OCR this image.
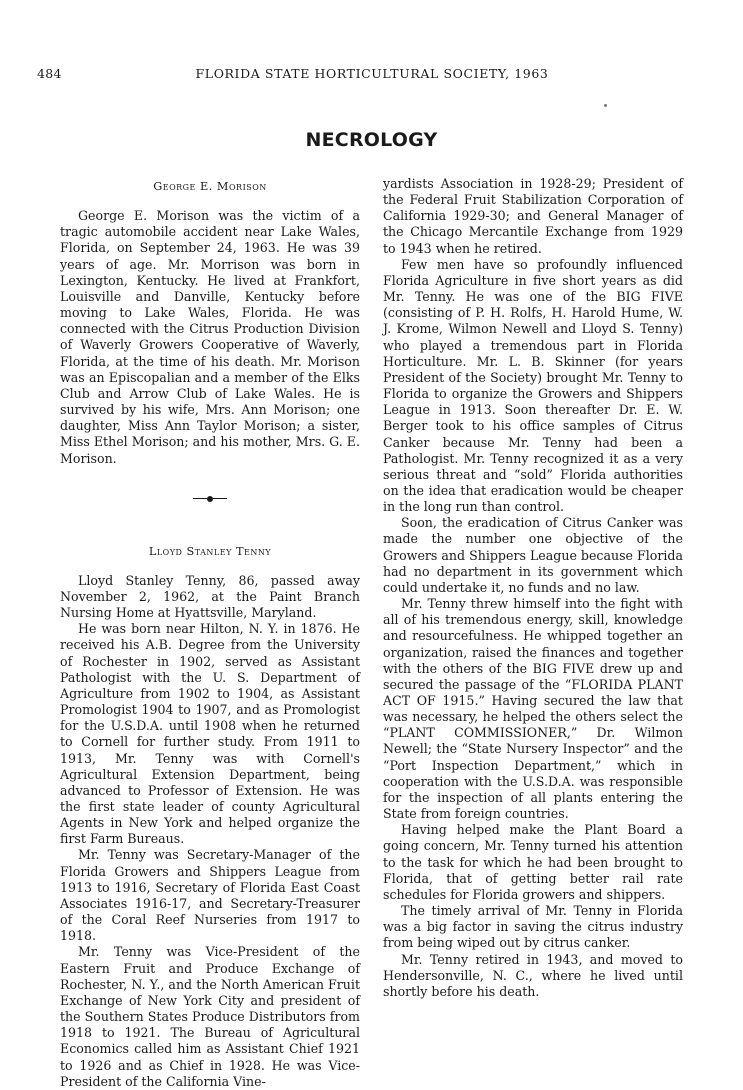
484	FLORIDA STATE HORTICULTURAL SOCIETY, 1963
NECROLOGY
George E. Morison

George E. Morison was the victim of a tragic automobile accident near Lake Wales, Florida, on September 24, 1963. He was 39 years of age. Mr. Morrison was born in Lexington, Kentucky. He lived at Frankfort, Louisville and Danville, Kentucky before moving to Lake Wales, Florida. He was connected with the Citrus Production Division of Waverly Growers Cooperative of Waverly, Florida, at the time of his death. Mr. Morison was an Episcopalian and a member of the Elks Club and Arrow Club of Lake Wales. He is survived by his wife, Mrs. Ann Morison; one daughter, Miss Ann Taylor Morison; a sister, Miss Ethel Morison; and his mother, Mrs. G. E. Morison.

Lloyd Stanley Tenny

Lloyd Stanley Tenny, 86, passed away November 2, 1962, at the Paint Branch Nursing Home at Hyattsville, Maryland.

He was born near Hilton, N. Y. in 1876. He received his A.B. Degree from the University of Rochester in 1902, served as Assistant Pathologist with the U. S. Department of Agriculture from 1902 to 1904, as Assistant Promologist 1904 to 1907, and as Promologist for the U.S.D.A. until 1908 when he returned to Cornell for further study. From 1911 to 1913, Mr. Tenny was with Cornell's Agricultural Extension Department, being advanced to Professor of Extension. He was the first state leader of county Agricultural Agents in New York and helped organize the first Farm Bureaus.

Mr. Tenny was Secretary-Manager of the Florida Growers and Shippers League from 1913 to 1916, Secretary of Florida East Coast Associates 1916-17, and Secretary-Treasurer of the Coral Reef Nurseries from 1917 to 1918.

Mr. Tenny was Vice-President of the Eastern Fruit and Produce Exchange of Rochester, N. Y., and the North American Fruit Exchange of New York City and president of the Southern States Produce Distributors from 1918 to 1921. The Bureau of Agricultural Economics called him as Assistant Chief 1921 to 1926 and as Chief in 1928. He was Vice-President of the California Vine-

yardists Association in 1928-29; President of the Federal Fruit Stabilization Corporation of California 1929-30; and General Manager of the Chicago Mercantile Exchange from 1929 to 1943 when he retired.

Few men have so profoundly influenced Florida Agriculture in five short years as did Mr. Tenny. He was one of the BIG FIVE (consisting of P. H. Rolfs, H. Harold Hume, W. J. Krome, Wilmon Newell and Lloyd S. Tenny) who played a tremendous part in Florida Horticulture. Mr. L. B. Skinner (for years President of the Society) brought Mr. Tenny to Florida to organize the Growers and Shippers League in 1913. Soon thereafter Dr. E. W. Berger took to his office samples of Citrus Canker because Mr. Tenny had been a Pathologist. Mr. Tenny recognized it as a very serious threat and “sold” Florida authorities on the idea that eradication would be cheaper in the long run than control.

Soon, the eradication of Citrus Canker was made the number one objective of the Growers and Shippers League because Florida had no department in its government which could undertake it, no funds and no law.

Mr. Tenny threw himself into the fight with all of his tremendous energy, skill, knowledge and resourcefulness. He whipped together an organization, raised the finances and together with the others of the BIG FIVE drew up and secured the passage of the “FLORIDA PLANT ACT OF 1915.” Having secured the law that was necessary, he helped the others select the “PLANT COMMISSIONER,” Dr. Wilmon Newell; the “State Nursery Inspector” and the “Port Inspection Department,” which in cooperation with the U.S.D.A. was responsible for the inspection of all plants entering the State from foreign countries.

Having helped make the Plant Board a going concern, Mr. Tenny turned his attention to the task for which he had been brought to Florida, that of getting better rail rate schedules for Florida growers and shippers.

The timely arrival of Mr. Tenny in Florida was a big factor in saving the citrus industry from being wiped out by citrus canker.

Mr. Tenny retired in 1943, and moved to Hendersonville, N. C., where he lived until shortly before his death.
